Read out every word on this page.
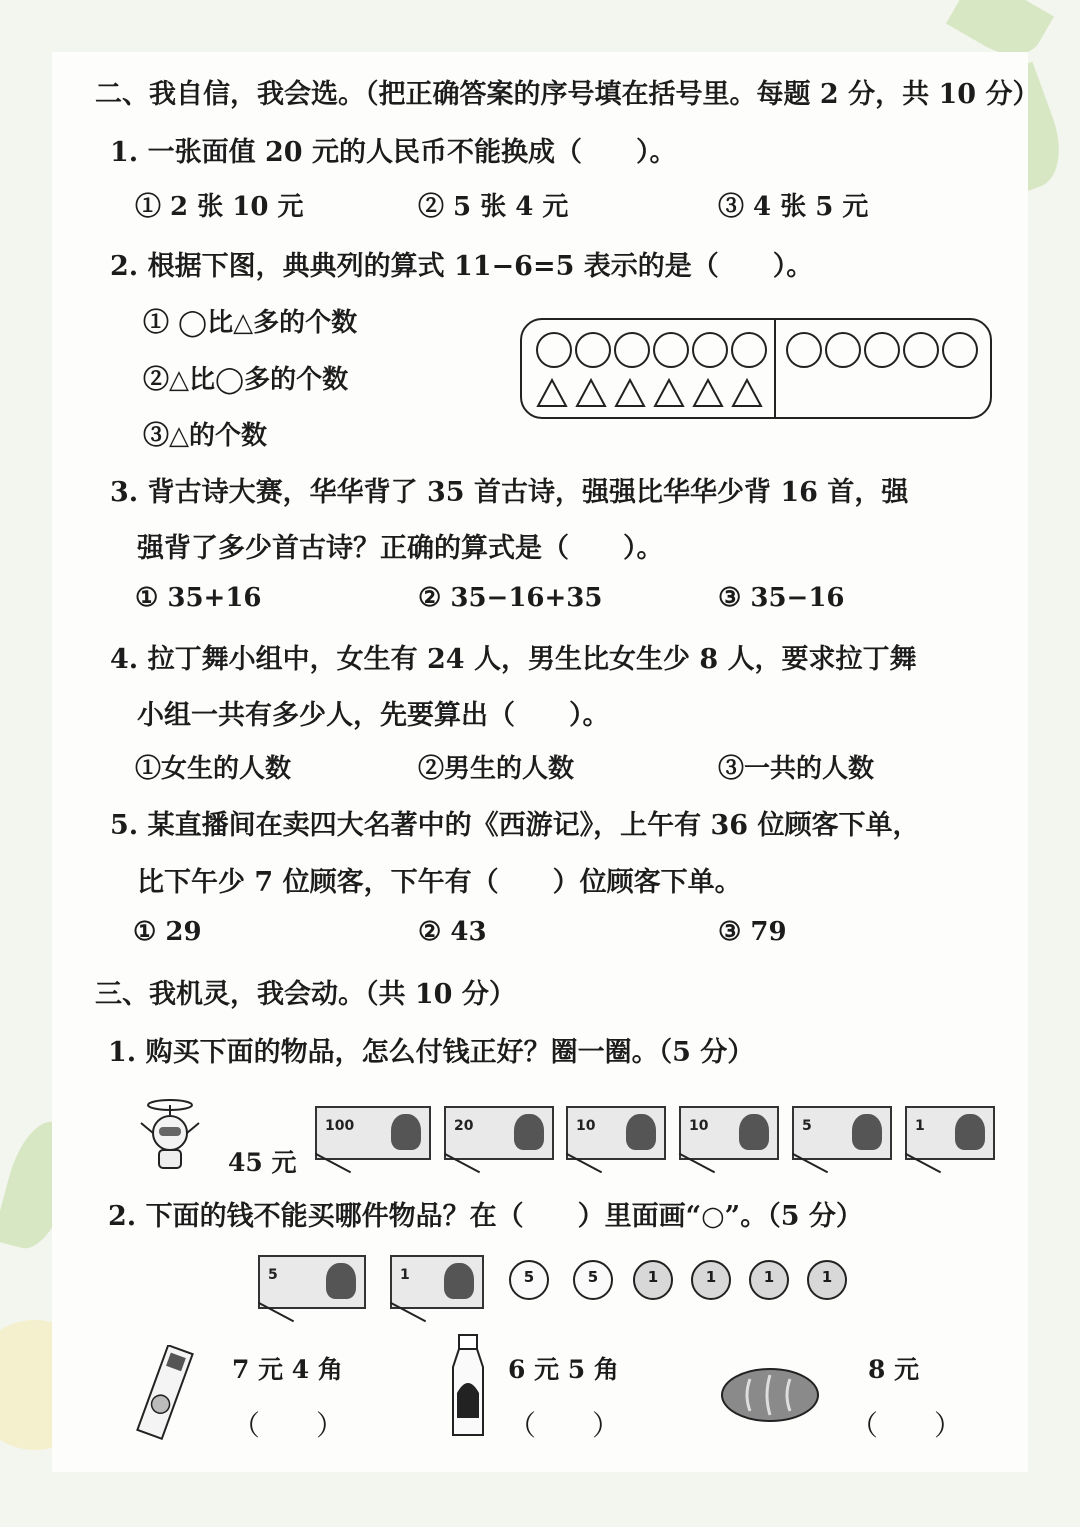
二、我自信，我会选。（把正确答案的序号填在括号里。每题 2 分，共 10 分）
1. 一张面值 20 元的人民币不能换成（　　）。
① 2 张 10 元	② 5 张 4 元	③ 4 张 5 元
2. 根据下图，典典列的算式 11−6=5 表示的是（　　）。
① ◯比△多的个数
②△比◯多的个数
③△的个数
3. 背古诗大赛，华华背了 35 首古诗，强强比华华少背 16 首，强
强背了多少首古诗？正确的算式是（　　）。
① 35+16	② 35−16+35	③ 35−16
4. 拉丁舞小组中，女生有 24 人，男生比女生少 8 人，要求拉丁舞
小组一共有多少人，先要算出（　　）。
①女生的人数	②男生的人数	③一共的人数
5. 某直播间在卖四大名著中的《西游记》，上午有 36 位顾客下单，
比下午少 7 位顾客，下午有（　　）位顾客下单。
① 29	② 43	③ 79
三、我机灵，我会动。（共 10 分）
1. 购买下面的物品，怎么付钱正好？圈一圈。（5 分）
45 元
100	20	10	10	5	1
2. 下面的钱不能买哪件物品？在（　　）里面画“○”。（5 分）
5	1	5	5	1	1	1	1
7 元 4 角
（　　）
6 元 5 角
（　　）
8 元
（　　）
